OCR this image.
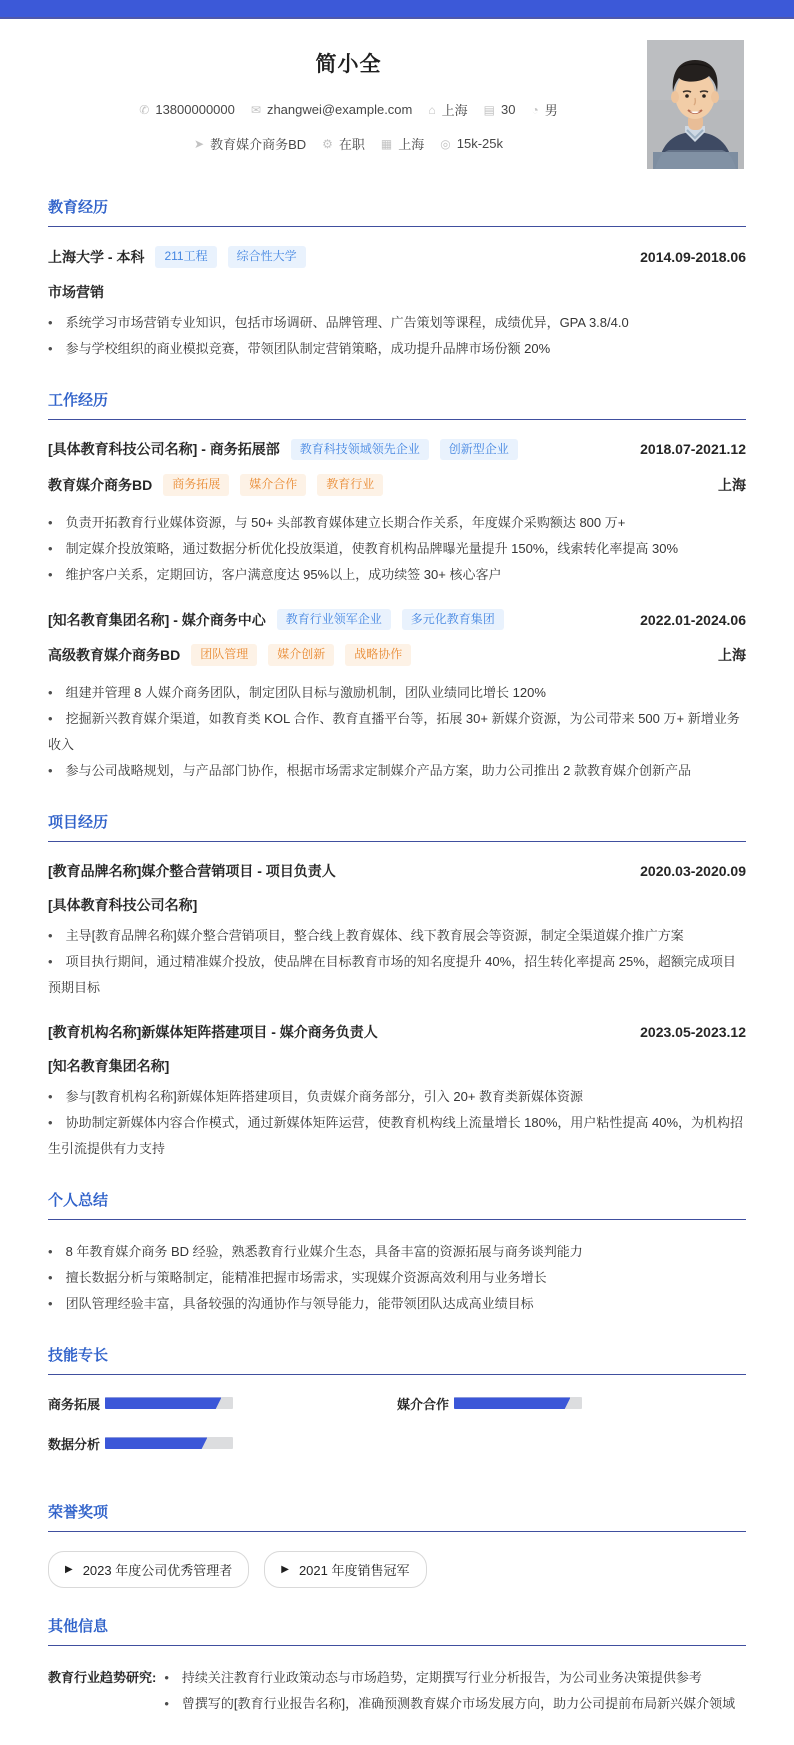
简小全
✆ 13800000000 ✉ zhangwei@example.com ⌂ 上海 ▤ 30 ◔ 男
➤ 教育媒介商务BD ⚙ 在职 ▦ 上海 ◎ 15k-25k
教育经历
上海大学 - 本科	211工程	综合性大学	2014.09-2018.06
市场营销
• 系统学习市场营销专业知识，包括市场调研、品牌管理、广告策划等课程，成绩优异，GPA 3.8/4.0
• 参与学校组织的商业模拟竞赛，带领团队制定营销策略，成功提升品牌市场份额 20%
工作经历
[具体教育科技公司名称] - 商务拓展部	教育科技领域领先企业	创新型企业	2018.07-2021.12
教育媒介商务BD	商务拓展	媒介合作	教育行业	上海
• 负责开拓教育行业媒体资源，与 50+ 头部教育媒体建立长期合作关系，年度媒介采购额达 800 万+
• 制定媒介投放策略，通过数据分析优化投放渠道，使教育机构品牌曝光量提升 150%，线索转化率提高 30%
• 维护客户关系，定期回访，客户满意度达 95%以上，成功续签 30+ 核心客户
[知名教育集团名称] - 媒介商务中心	教育行业领军企业	多元化教育集团	2022.01-2024.06
高级教育媒介商务BD	团队管理	媒介创新	战略协作	上海
• 组建并管理 8 人媒介商务团队，制定团队目标与激励机制，团队业绩同比增长 120%
• 挖掘新兴教育媒介渠道，如教育类 KOL 合作、教育直播平台等，拓展 30+ 新媒介资源，为公司带来 500 万+ 新增业务收入
• 参与公司战略规划，与产品部门协作，根据市场需求定制媒介产品方案，助力公司推出 2 款教育媒介创新产品
项目经历
[教育品牌名称]媒介整合营销项目 - 项目负责人	2020.03-2020.09
[具体教育科技公司名称]
• 主导[教育品牌名称]媒介整合营销项目，整合线上教育媒体、线下教育展会等资源，制定全渠道媒介推广方案
• 项目执行期间，通过精准媒介投放，使品牌在目标教育市场的知名度提升 40%，招生转化率提高 25%，超额完成项目预期目标
[教育机构名称]新媒体矩阵搭建项目 - 媒介商务负责人	2023.05-2023.12
[知名教育集团名称]
• 参与[教育机构名称]新媒体矩阵搭建项目，负责媒介商务部分，引入 20+ 教育类新媒体资源
• 协助制定新媒体内容合作模式，通过新媒体矩阵运营，使教育机构线上流量增长 180%，用户粘性提高 40%，为机构招生引流提供有力支持
个人总结
• 8 年教育媒介商务 BD 经验，熟悉教育行业媒介生态，具备丰富的资源拓展与商务谈判能力
• 擅长数据分析与策略制定，能精准把握市场需求，实现媒介资源高效利用与业务增长
• 团队管理经验丰富，具备较强的沟通协作与领导能力，能带领团队达成高业绩目标
技能专长
商务拓展	媒介合作
数据分析
荣誉奖项
▶ 2023 年度公司优秀管理者	▶ 2021 年度销售冠军
其他信息
教育行业趋势研究:	• 持续关注教育行业政策动态与市场趋势，定期撰写行业分析报告，为公司业务决策提供参考
• 曾撰写的[教育行业报告名称]，准确预测教育媒介市场发展方向，助力公司提前布局新兴媒介领域
